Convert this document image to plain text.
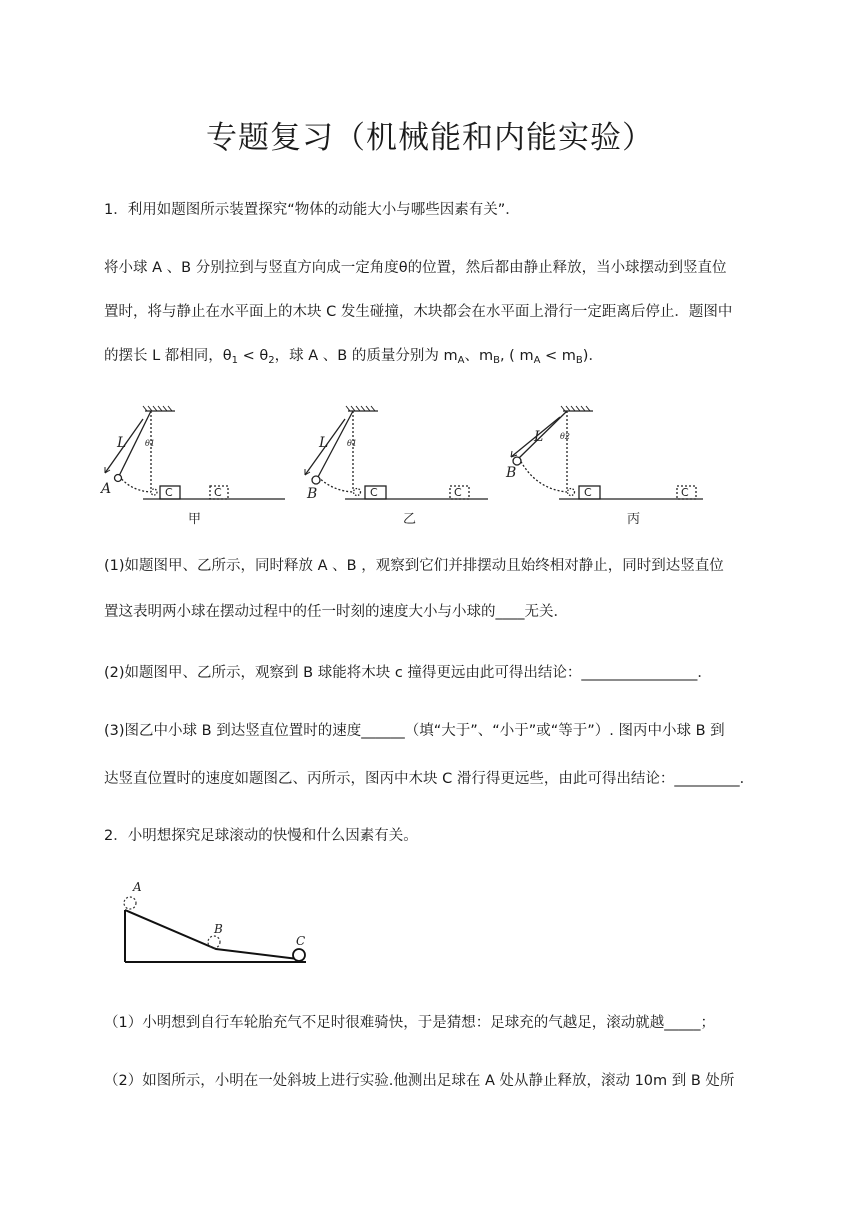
专题复习（机械能和内能实验）
1．利用如题图所示装置探究“物体的动能大小与哪些因素有关”．
将小球 A 、B 分别拉到与竖直方向成一定角度θ的位置，然后都由静止释放，当小球摆动到竖直位
置时，将与静止在水平面上的木块 C 发生碰撞，木块都会在水平面上滑行一定距离后停止．题图中
的摆长 L 都相同，$\theta_1 < \theta_2$，球 A 、B 的质量分别为 $m_A$、$m_B$, ( $m_A < m_B$)．
L
A
L
B
L
B
θ1	θ1
θ2
C	C	C	C	C	C
甲	乙	丙
(1)如题图甲、乙所示，同时释放 A 、B ，观察到它们并排摆动且始终相对静止，同时到达竖直位
置这表明两小球在摆动过程中的任一时刻的速度大小与小球的____无关．
(2)如题图甲、乙所示，观察到 B 球能将木块 c 撞得更远由此可得出结论：________________．
(3)图乙中小球 B 到达竖直位置时的速度______（填“大于”、“小于”或“等于”）. 图丙中小球 B 到
达竖直位置时的速度如题图乙、丙所示，图丙中木块 C 滑行得更远些，由此可得出结论：_________．
2．小明想探究足球滚动的快慢和什么因素有关。
A
B
C
（1）小明想到自行车轮胎充气不足时很难骑快，于是猜想：足球充的气越足，滚动就越_____；
（2）如图所示，小明在一处斜坡上进行实验.他测出足球在 A 处从静止释放，滚动 10m 到 B 处所
